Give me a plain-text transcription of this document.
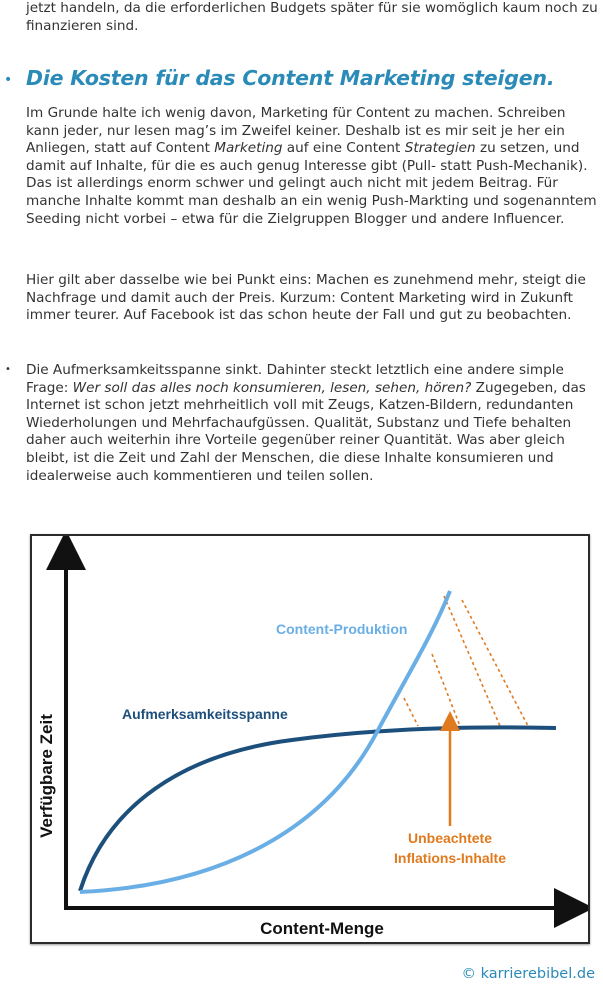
jetzt handeln, da die erforderlichen Budgets später für sie womöglich kaum noch zu finanzieren sind.

• Die Kosten für das Content Marketing steigen.

Im Grunde halte ich wenig davon, Marketing für Content zu machen. Schreiben kann jeder, nur lesen mag’s im Zweifel keiner. Deshalb ist es mir seit je her ein Anliegen, statt auf Content Marketing auf eine Content Strategien zu setzen, und damit auf Inhalte, für die es auch genug Interesse gibt (Pull- statt Push-Mechanik). Das ist allerdings enorm schwer und gelingt auch nicht mit jedem Beitrag. Für manche Inhalte kommt man deshalb an ein wenig Push-Markting und sogenanntem Seeding nicht vorbei – etwa für die Zielgruppen Blogger und andere Influencer.

Hier gilt aber dasselbe wie bei Punkt eins: Machen es zunehmend mehr, steigt die Nachfrage und damit auch der Preis. Kurzum: Content Marketing wird in Zukunft immer teurer. Auf Facebook ist das schon heute der Fall und gut zu beobachten.

• Die Aufmerksamkeitsspanne sinkt. Dahinter steckt letztlich eine andere simple Frage: Wer soll das alles noch konsumieren, lesen, sehen, hören? Zugegeben, das Internet ist schon jetzt mehrheitlich voll mit Zeugs, Katzen-Bildern, redundanten Wiederholungen und Mehrfachaufgüssen. Qualität, Substanz und Tiefe behalten daher auch weiterhin ihre Vorteile gegenüber reiner Quantität. Was aber gleich bleibt, ist die Zeit und Zahl der Menschen, die diese Inhalte konsumieren und idealerweise auch kommentieren und teilen sollen.

Verfügbare Zeit
Content-Menge
Aufmerksamkeitsspanne
Content-Produktion
Unbeachtete
Inflations-Inhalte
© karrierebibel.de
